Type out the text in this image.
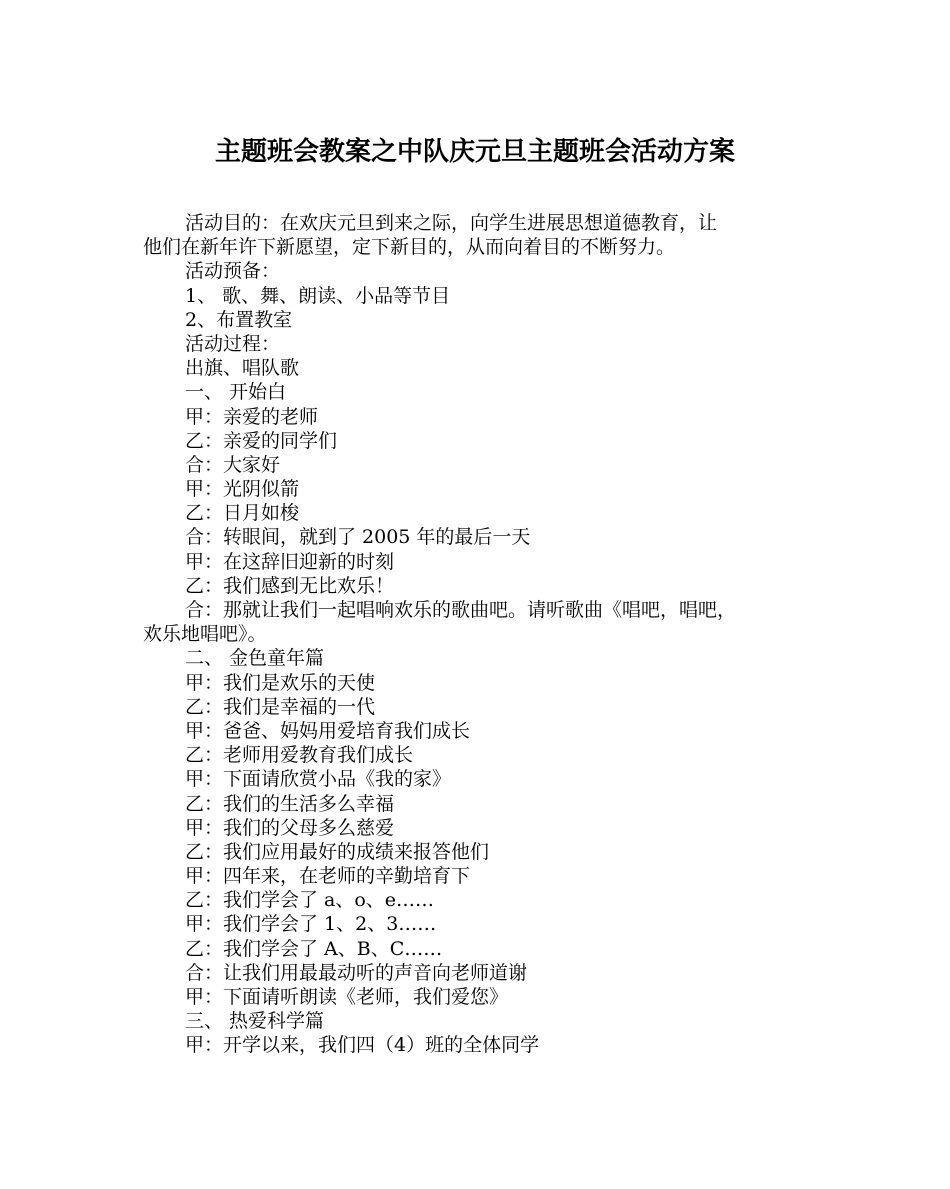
主题班会教案之中队庆元旦主题班会活动方案
活动目的：在欢庆元旦到来之际，向学生进展思想道德教育，让
他们在新年许下新愿望，定下新目的，从而向着目的不断努力。
活动预备：
1、 歌、舞、朗读、小品等节目
2、布置教室
活动过程：
出旗、唱队歌
一、 开始白
甲：亲爱的老师
乙：亲爱的同学们
合：大家好
甲：光阴似箭
乙：日月如梭
合：转眼间，就到了 2005 年的最后一天
甲：在这辞旧迎新的时刻
乙：我们感到无比欢乐！
合：那就让我们一起唱响欢乐的歌曲吧。请听歌曲《唱吧，唱吧，
欢乐地唱吧》。
二、 金色童年篇
甲：我们是欢乐的天使
乙：我们是幸福的一代
甲：爸爸、妈妈用爱培育我们成长
乙：老师用爱教育我们成长
甲：下面请欣赏小品《我的家》
乙：我们的生活多么幸福
甲：我们的父母多么慈爱
乙：我们应用最好的成绩来报答他们
甲：四年来，在老师的辛勤培育下
乙：我们学会了 a、o、e……
甲：我们学会了 1、2、3……
乙：我们学会了 A、B、C……
合：让我们用最最动听的声音向老师道谢
甲：下面请听朗读《老师，我们爱您》
三、 热爱科学篇
甲：开学以来，我们四（4）班的全体同学
